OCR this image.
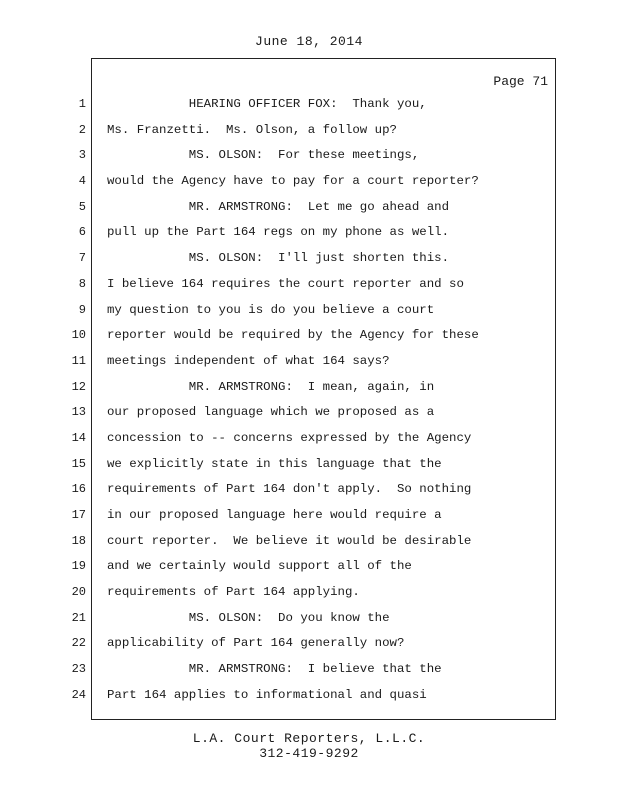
June 18, 2014
Page 71
1
2
3
4
5
6
7
8
9
10
11
12
13
14
15
16
17
18
19
20
21
22
23
24
HEARING OFFICER FOX:  Thank you,
Ms. Franzetti.  Ms. Olson, a follow up?
MS. OLSON:  For these meetings,
would the Agency have to pay for a court reporter?
MR. ARMSTRONG:  Let me go ahead and
pull up the Part 164 regs on my phone as well.
MS. OLSON:  I'll just shorten this.
I believe 164 requires the court reporter and so
my question to you is do you believe a court
reporter would be required by the Agency for these
meetings independent of what 164 says?
MR. ARMSTRONG:  I mean, again, in
our proposed language which we proposed as a
concession to -- concerns expressed by the Agency
we explicitly state in this language that the
requirements of Part 164 don't apply.  So nothing
in our proposed language here would require a
court reporter.  We believe it would be desirable
and we certainly would support all of the
requirements of Part 164 applying.
MS. OLSON:  Do you know the
applicability of Part 164 generally now?
MR. ARMSTRONG:  I believe that the
Part 164 applies to informational and quasi
L.A. Court Reporters, L.L.C.
312-419-9292
